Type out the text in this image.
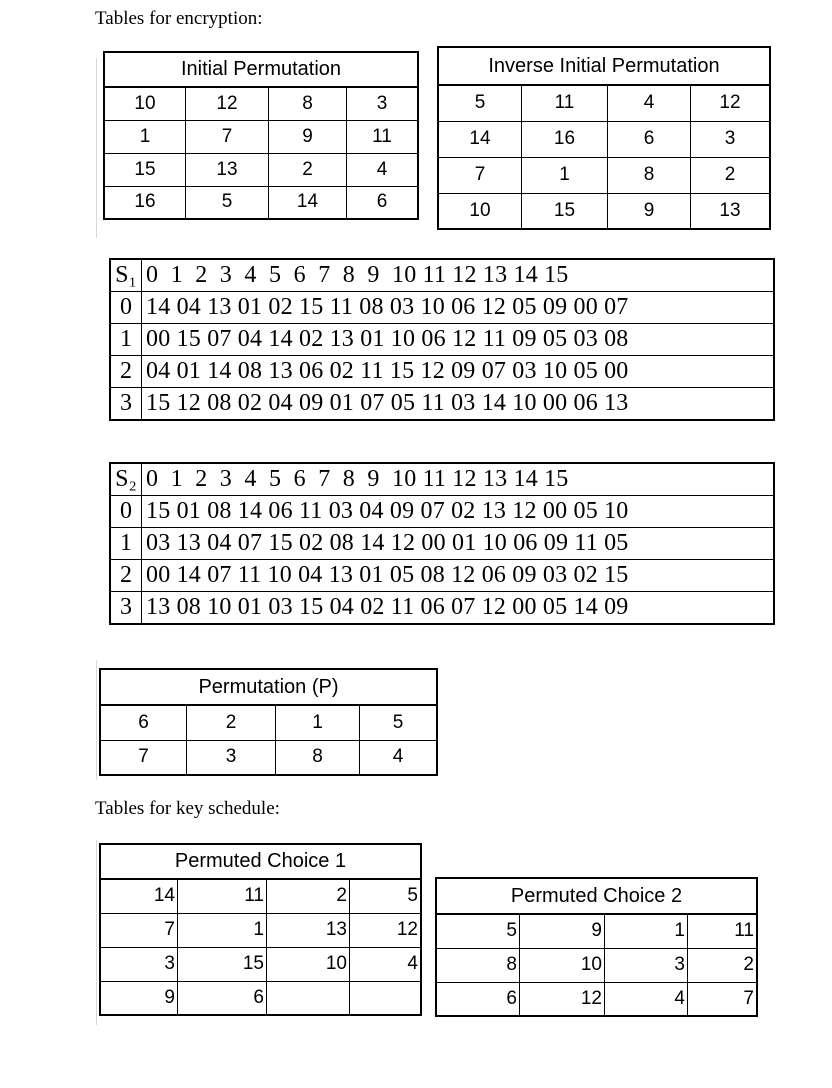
Tables for encryption:
Initial Permutation			
10	12	8	3
1	7	9	11
15	13	2	4
16	5	14	6
Inverse Initial Permutation			
5	11	4	12
14	16	6	3
7	1	8	2
10	15	9	13
S₁	0  1  2  3  4  5  6  7  8  9  10 11 12 13 14 15
0	14 04 13 01 02 15 11 08 03 10 06 12 05 09 00 07
1	00 15 07 04 14 02 13 01 10 06 12 11 09 05 03 08
2	04 01 14 08 13 06 02 11 15 12 09 07 03 10 05 00
3	15 12 08 02 04 09 01 07 05 11 03 14 10 00 06 13
S₂	0  1  2  3  4  5  6  7  8  9  10 11 12 13 14 15
0	15 01 08 14 06 11 03 04 09 07 02 13 12 00 05 10
1	03 13 04 07 15 02 08 14 12 00 01 10 06 09 11 05
2	00 14 07 11 10 04 13 01 05 08 12 06 09 03 02 15
3	13 08 10 01 03 15 04 02 11 06 07 12 00 05 14 09
Permutation (P)			
6	2	1	5
7	3	8	4
Tables for key schedule:
Permuted Choice 1			
14	11	2	5
7	1	13	12
3	15	10	4
9	6		
Permuted Choice 2			
5	9	1	11
8	10	3	2
6	12	4	7
